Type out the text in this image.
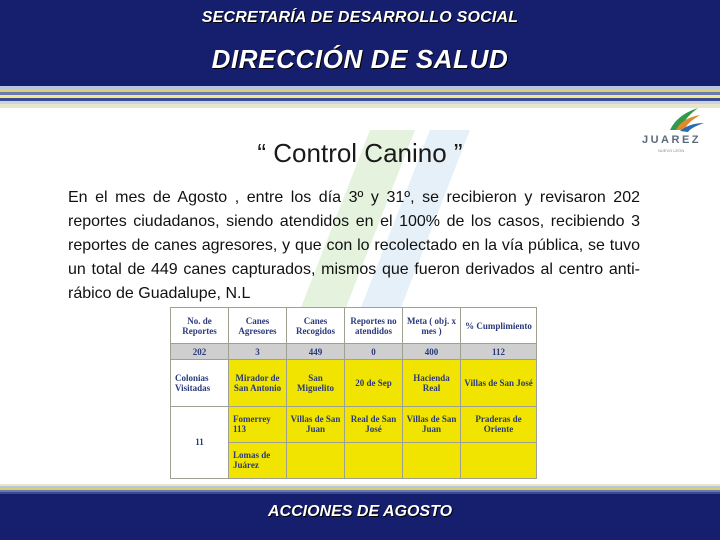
SECRETARÍA DE DESARROLLO SOCIAL
DIRECCIÓN DE SALUD
JUAREZ
NUEVO LEÓN
“ Control Canino ”
En el mes de Agosto , entre los día 3º y 31º, se recibieron y revisaron 202 reportes ciudadanos, siendo atendidos en el 100% de los casos, recibiendo 3 reportes de canes agresores, y que con lo recolectado en la vía pública, se tuvo un total de 449 canes capturados, mismos que fueron derivados al centro anti-rábico de Guadalupe, N.L
No. de Reportes	Canes Agresores	Canes Recogidos	Reportes no atendidos	Meta ( obj. x mes )	% Cumplimiento
202	3	449	0	400	112
Colonias Visitadas	Mirador de San Antonio	San Miguelito	20 de Sep	Hacienda Real	Villas de San José
11	Fomerrey 113	Villas de San Juan	Real de San José	Villas de San Juan	Praderas de Oriente
	Lomas de Juárez				
ACCIONES DE AGOSTO
